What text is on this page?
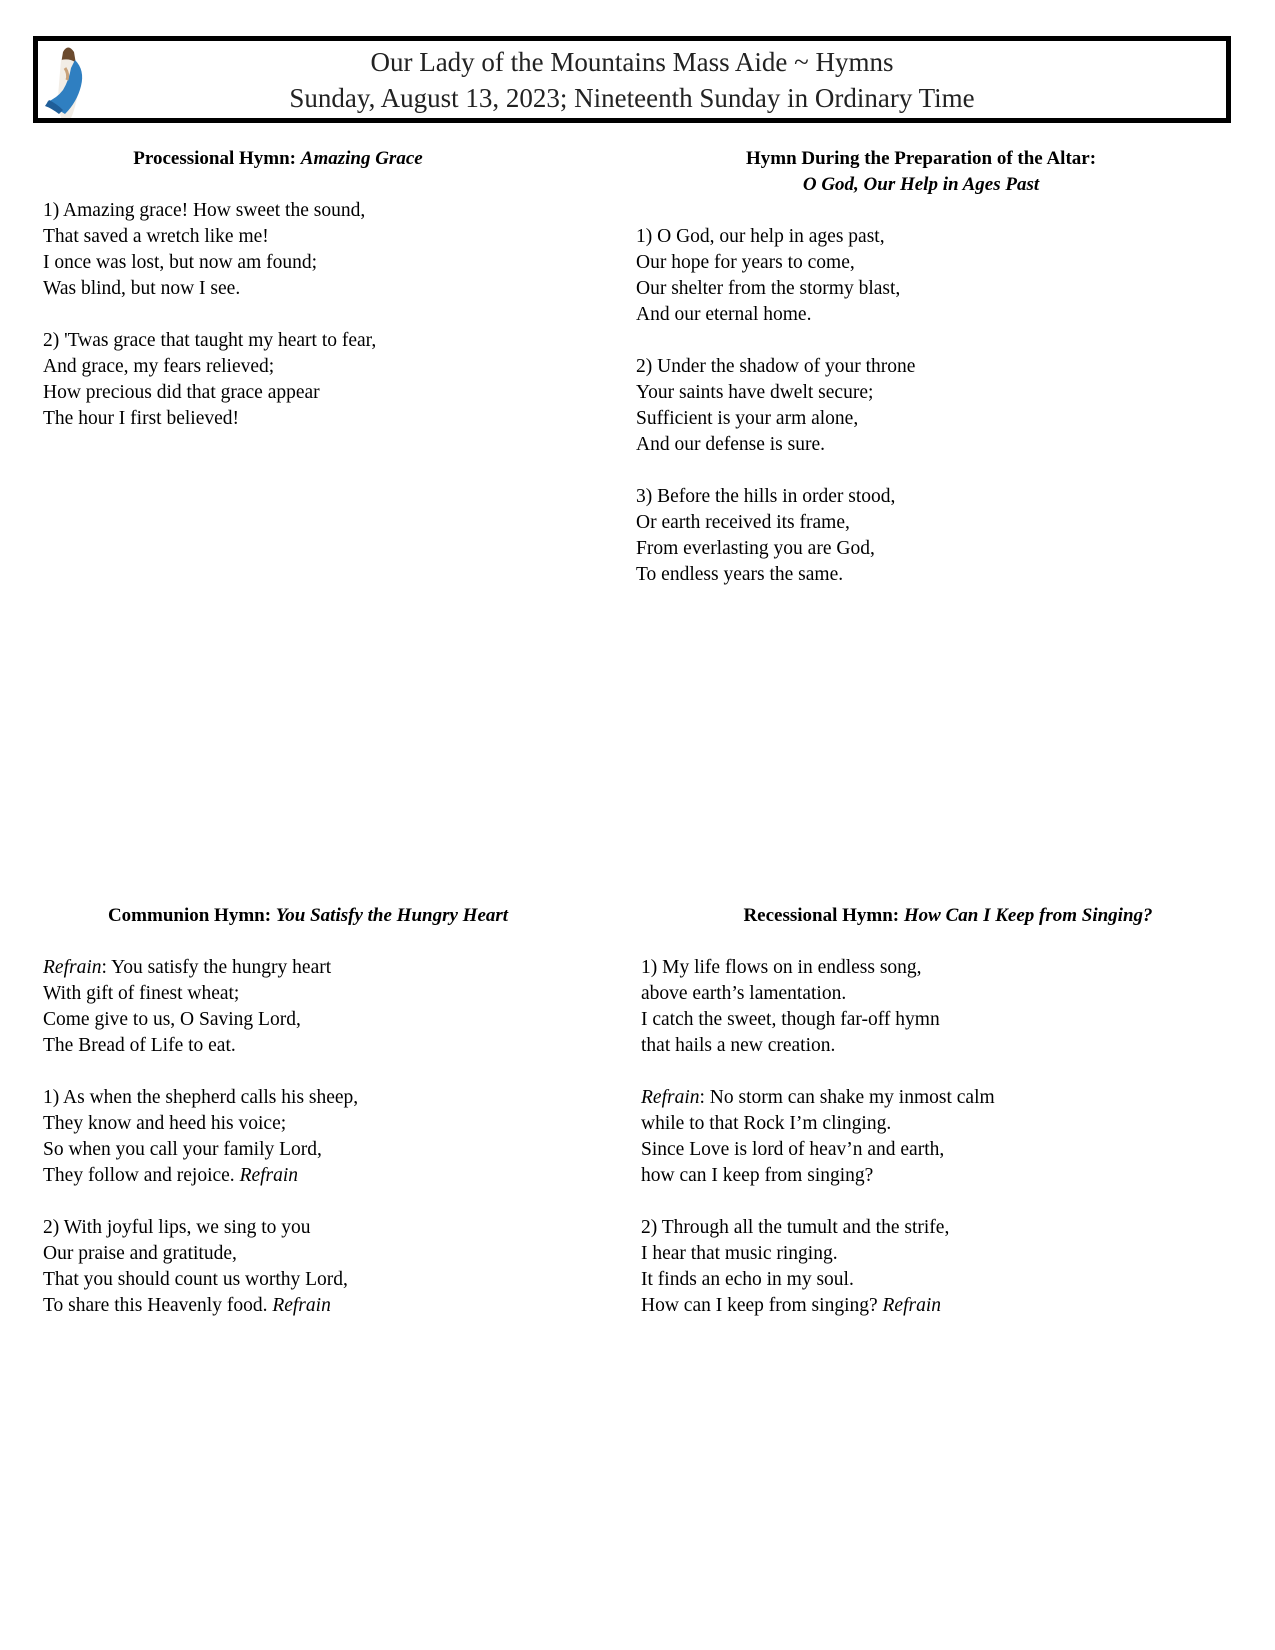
Our Lady of the Mountains Mass Aide ~ Hymns
Sunday, August 13, 2023; Nineteenth Sunday in Ordinary Time
Processional Hymn: Amazing Grace
1) Amazing grace! How sweet the sound,
That saved a wretch like me!
I once was lost, but now am found;
Was blind, but now I see.
2) 'Twas grace that taught my heart to fear,
And grace, my fears relieved;
How precious did that grace appear
The hour I first believed!
Hymn During the Preparation of the Altar:
O God, Our Help in Ages Past
1) O God, our help in ages past,
Our hope for years to come,
Our shelter from the stormy blast,
And our eternal home.
2) Under the shadow of your throne
Your saints have dwelt secure;
Sufficient is your arm alone,
And our defense is sure.
3) Before the hills in order stood,
Or earth received its frame,
From everlasting you are God,
To endless years the same.
Communion Hymn: You Satisfy the Hungry Heart
Refrain: You satisfy the hungry heart
With gift of finest wheat;
Come give to us, O Saving Lord,
The Bread of Life to eat.
1) As when the shepherd calls his sheep,
They know and heed his voice;
So when you call your family Lord,
They follow and rejoice. Refrain
2) With joyful lips, we sing to you
Our praise and gratitude,
That you should count us worthy Lord,
To share this Heavenly food. Refrain
Recessional Hymn: How Can I Keep from Singing?
1) My life flows on in endless song,
above earth’s lamentation.
I catch the sweet, though far-off hymn
that hails a new creation.
Refrain: No storm can shake my inmost calm
while to that Rock I’m clinging.
Since Love is lord of heav’n and earth,
how can I keep from singing?
2) Through all the tumult and the strife,
I hear that music ringing.
It finds an echo in my soul.
How can I keep from singing? Refrain
